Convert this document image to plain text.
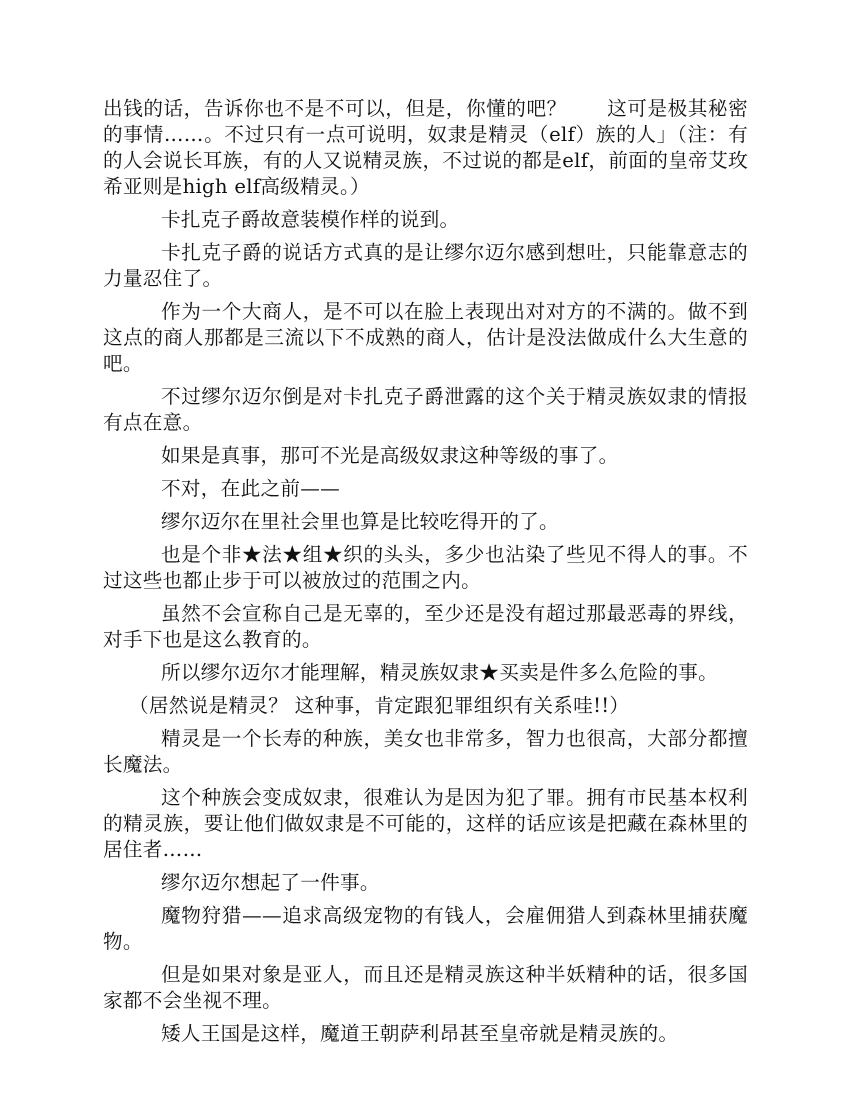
出钱的话，告诉你也不是不可以，但是，你懂的吧？　　这可是极其秘密的事情……。不过只有一点可说明，奴隶是精灵（elf）族的人」（注：有的人会说长耳族，有的人又说精灵族，不过说的都是elf，前面的皇帝艾玫希亚则是high elf高级精灵。）

卡扎克子爵故意装模作样的说到。

卡扎克子爵的说话方式真的是让缪尔迈尔感到想吐，只能靠意志的力量忍住了。

作为一个大商人，是不可以在脸上表现出对对方的不满的。做不到这点的商人那都是三流以下不成熟的商人，估计是没法做成什么大生意的吧。

不过缪尔迈尔倒是对卡扎克子爵泄露的这个关于精灵族奴隶的情报有点在意。

如果是真事，那可不光是高级奴隶这种等级的事了。

不对，在此之前——

缪尔迈尔在里社会里也算是比较吃得开的了。

也是个非★法★组★织的头头，多少也沾染了些见不得人的事。不过这些也都止步于可以被放过的范围之内。

虽然不会宣称自己是无辜的，至少还是没有超过那最恶毒的界线，对手下也是这么教育的。

所以缪尔迈尔才能理解，精灵族奴隶★买卖是件多么危险的事。

（居然说是精灵？ 这种事，肯定跟犯罪组织有关系哇!!）

精灵是一个长寿的种族，美女也非常多，智力也很高，大部分都擅长魔法。

这个种族会变成奴隶，很难认为是因为犯了罪。拥有市民基本权利的精灵族，要让他们做奴隶是不可能的，这样的话应该是把藏在森林里的居住者……

缪尔迈尔想起了一件事。

魔物狩猎——追求高级宠物的有钱人，会雇佣猎人到森林里捕获魔物。

但是如果对象是亚人，而且还是精灵族这种半妖精种的话，很多国家都不会坐视不理。

矮人王国是这样，魔道王朝萨利昂甚至皇帝就是精灵族的。
